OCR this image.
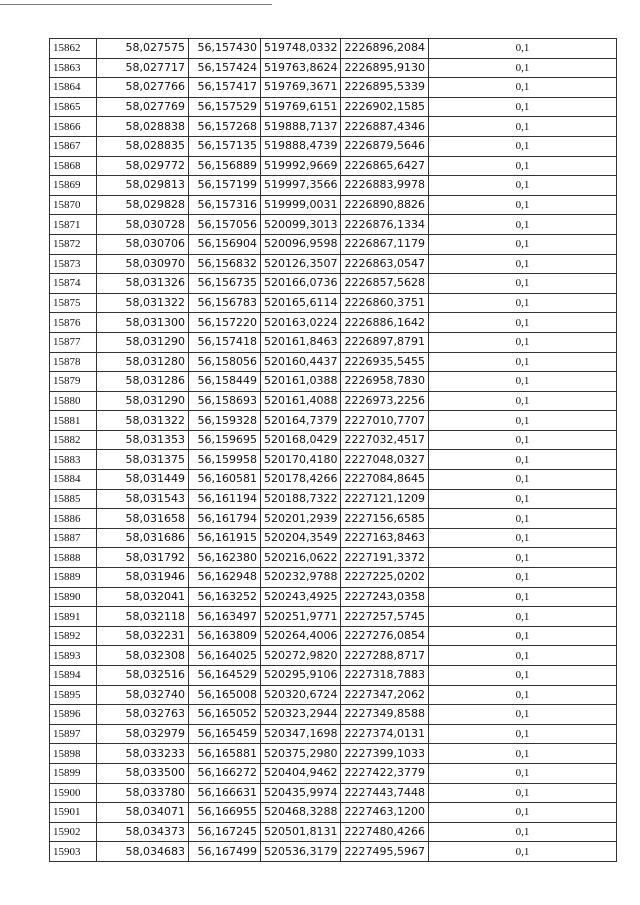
15862	58,027575	56,157430	519748,0332	2226896,2084	0,1
15863	58,027717	56,157424	519763,8624	2226895,9130	0,1
15864	58,027766	56,157417	519769,3671	2226895,5339	0,1
15865	58,027769	56,157529	519769,6151	2226902,1585	0,1
15866	58,028838	56,157268	519888,7137	2226887,4346	0,1
15867	58,028835	56,157135	519888,4739	2226879,5646	0,1
15868	58,029772	56,156889	519992,9669	2226865,6427	0,1
15869	58,029813	56,157199	519997,3566	2226883,9978	0,1
15870	58,029828	56,157316	519999,0031	2226890,8826	0,1
15871	58,030728	56,157056	520099,3013	2226876,1334	0,1
15872	58,030706	56,156904	520096,9598	2226867,1179	0,1
15873	58,030970	56,156832	520126,3507	2226863,0547	0,1
15874	58,031326	56,156735	520166,0736	2226857,5628	0,1
15875	58,031322	56,156783	520165,6114	2226860,3751	0,1
15876	58,031300	56,157220	520163,0224	2226886,1642	0,1
15877	58,031290	56,157418	520161,8463	2226897,8791	0,1
15878	58,031280	56,158056	520160,4437	2226935,5455	0,1
15879	58,031286	56,158449	520161,0388	2226958,7830	0,1
15880	58,031290	56,158693	520161,4088	2226973,2256	0,1
15881	58,031322	56,159328	520164,7379	2227010,7707	0,1
15882	58,031353	56,159695	520168,0429	2227032,4517	0,1
15883	58,031375	56,159958	520170,4180	2227048,0327	0,1
15884	58,031449	56,160581	520178,4266	2227084,8645	0,1
15885	58,031543	56,161194	520188,7322	2227121,1209	0,1
15886	58,031658	56,161794	520201,2939	2227156,6585	0,1
15887	58,031686	56,161915	520204,3549	2227163,8463	0,1
15888	58,031792	56,162380	520216,0622	2227191,3372	0,1
15889	58,031946	56,162948	520232,9788	2227225,0202	0,1
15890	58,032041	56,163252	520243,4925	2227243,0358	0,1
15891	58,032118	56,163497	520251,9771	2227257,5745	0,1
15892	58,032231	56,163809	520264,4006	2227276,0854	0,1
15893	58,032308	56,164025	520272,9820	2227288,8717	0,1
15894	58,032516	56,164529	520295,9106	2227318,7883	0,1
15895	58,032740	56,165008	520320,6724	2227347,2062	0,1
15896	58,032763	56,165052	520323,2944	2227349,8588	0,1
15897	58,032979	56,165459	520347,1698	2227374,0131	0,1
15898	58,033233	56,165881	520375,2980	2227399,1033	0,1
15899	58,033500	56,166272	520404,9462	2227422,3779	0,1
15900	58,033780	56,166631	520435,9974	2227443,7448	0,1
15901	58,034071	56,166955	520468,3288	2227463,1200	0,1
15902	58,034373	56,167245	520501,8131	2227480,4266	0,1
15903	58,034683	56,167499	520536,3179	2227495,5967	0,1
